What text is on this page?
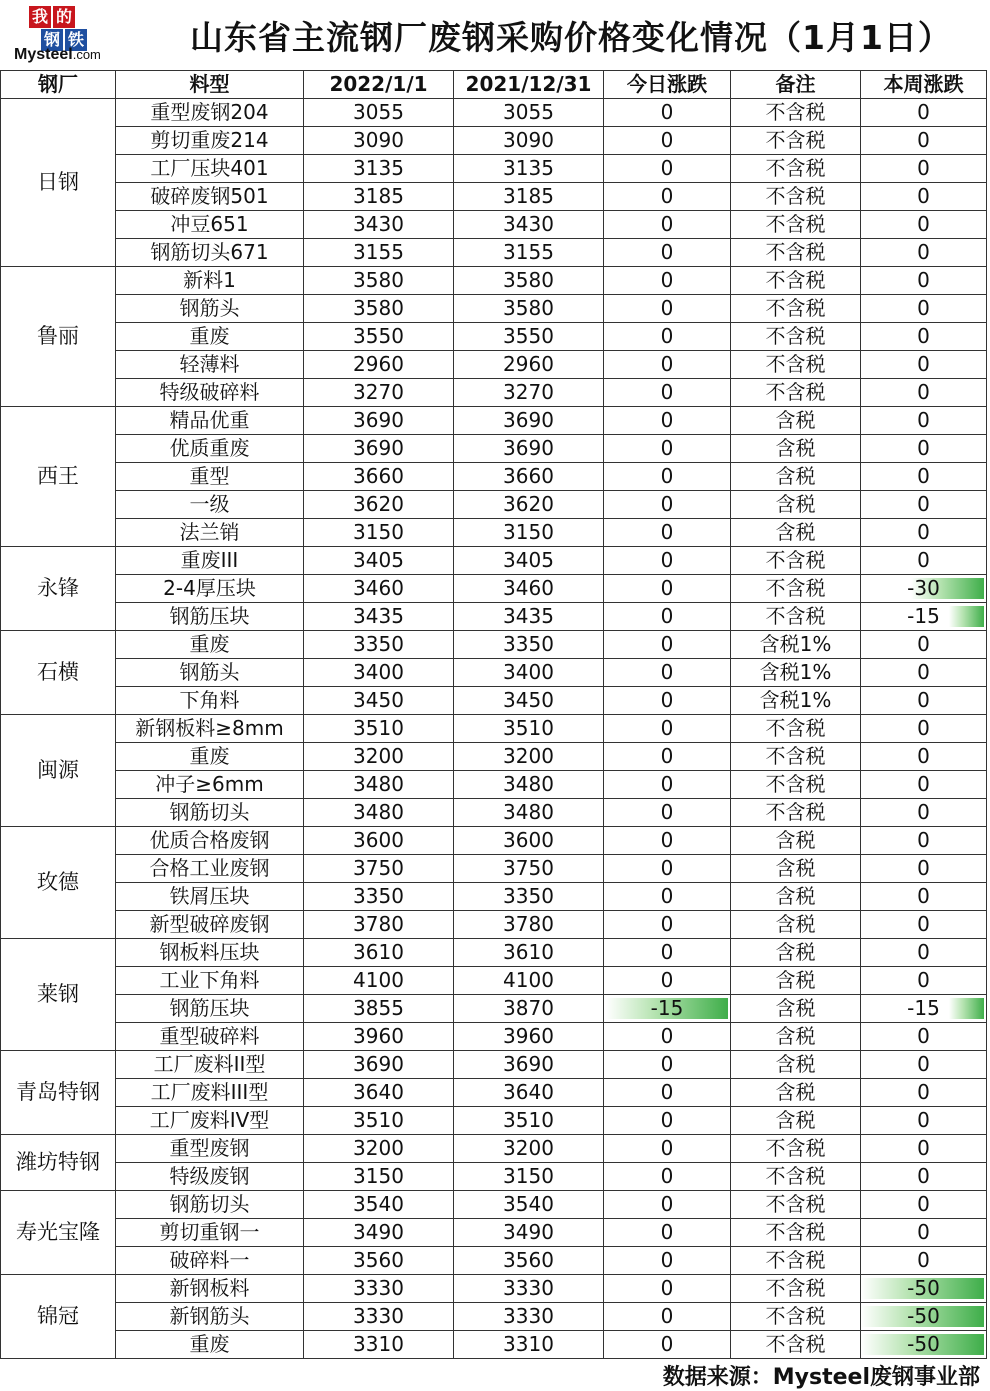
我 的
钢 铁
Mysteel.com	山东省主流钢厂废钢采购价格变化情况（1月1日）
钢厂	料型	2022/1/1	2021/12/31	今日涨跌	备注	本周涨跌
日钢	重型废钢204	3055	3055	0	不含税	0
	剪切重废214	3090	3090	0	不含税	0
	工厂压块401	3135	3135	0	不含税	0
	破碎废钢501	3185	3185	0	不含税	0
	冲豆651	3430	3430	0	不含税	0
	钢筋切头671	3155	3155	0	不含税	0
鲁丽	新料1	3580	3580	0	不含税	0
	钢筋头	3580	3580	0	不含税	0
	重废	3550	3550	0	不含税	0
	轻薄料	2960	2960	0	不含税	0
	特级破碎料	3270	3270	0	不含税	0
西王	精品优重	3690	3690	0	含税	0
	优质重废	3690	3690	0	含税	0
	重型	3660	3660	0	含税	0
	一级	3620	3620	0	含税	0
	法兰销	3150	3150	0	含税	0
永锋	重废III	3405	3405	0	不含税	0
	2-4厚压块	3460	3460	0	不含税	-30
	钢筋压块	3435	3435	0	不含税	-15
石横	重废	3350	3350	0	含税1%	0
	钢筋头	3400	3400	0	含税1%	0
	下角料	3450	3450	0	含税1%	0
闽源	新钢板料≥8mm	3510	3510	0	不含税	0
	重废	3200	3200	0	不含税	0
	冲子≥6mm	3480	3480	0	不含税	0
	钢筋切头	3480	3480	0	不含税	0
玫德	优质合格废钢	3600	3600	0	含税	0
	合格工业废钢	3750	3750	0	含税	0
	铁屑压块	3350	3350	0	含税	0
	新型破碎废钢	3780	3780	0	含税	0
莱钢	钢板料压块	3610	3610	0	含税	0
	工业下角料	4100	4100	0	含税	0
	钢筋压块	3855	3870	-15	含税	-15
	重型破碎料	3960	3960	0	含税	0
青岛特钢	工厂废料II型	3690	3690	0	含税	0
	工厂废料III型	3640	3640	0	含税	0
	工厂废料IV型	3510	3510	0	含税	0
潍坊特钢	重型废钢	3200	3200	0	不含税	0
	特级废钢	3150	3150	0	不含税	0
寿光宝隆	钢筋切头	3540	3540	0	不含税	0
	剪切重钢一	3490	3490	0	不含税	0
	破碎料一	3560	3560	0	不含税	0
锦冠	新钢板料	3330	3330	0	不含税	-50
	新钢筋头	3330	3330	0	不含税	-50
	重废	3310	3310	0	不含税	-50
数据来源：Mysteel废钢事业部
